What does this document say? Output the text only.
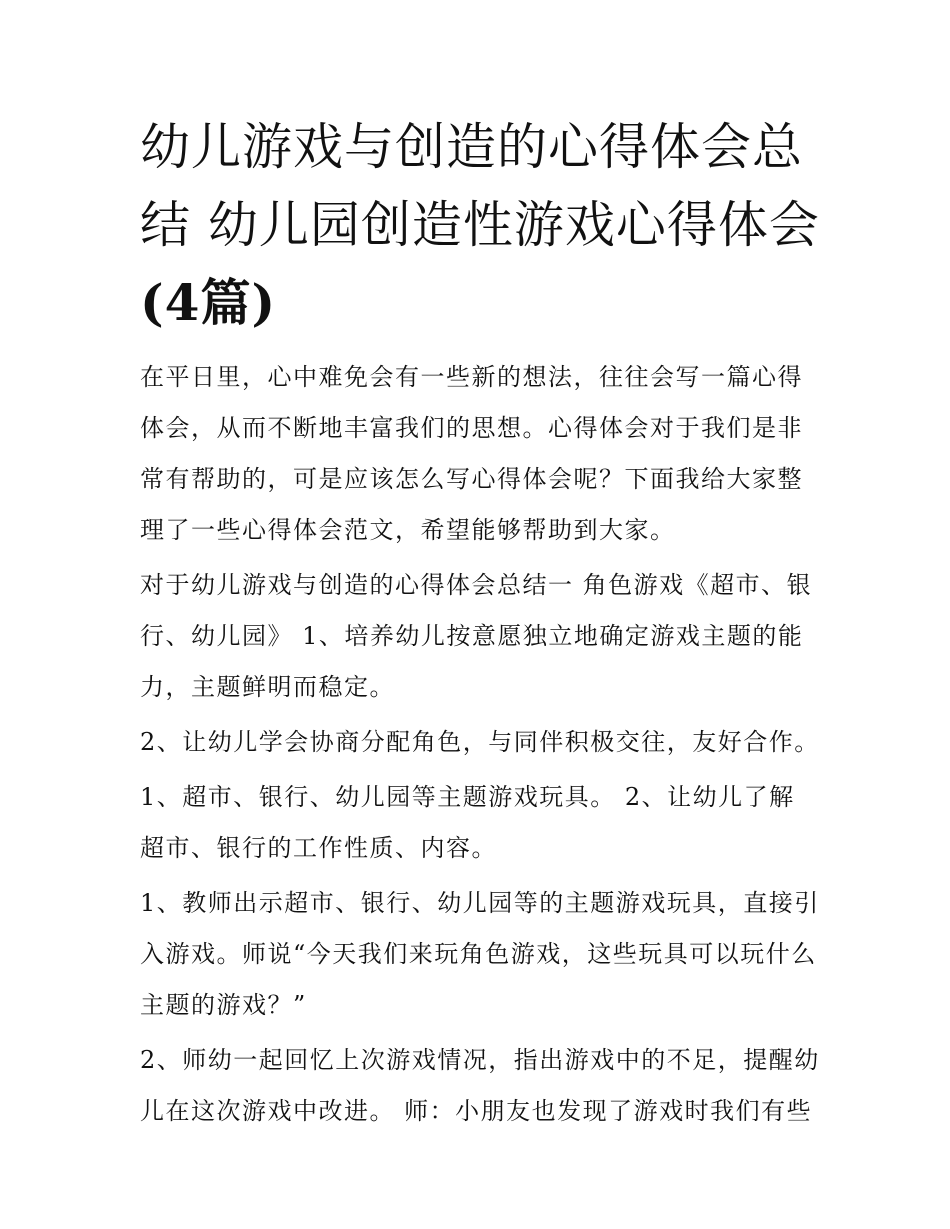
幼儿游戏与创造的心得体会总结 幼儿园创造性游戏心得体会
(4篇)

在平日里，心中难免会有一些新的想法，往往会写一篇心得体会，从而不断地丰富我们的思想。心得体会对于我们是非常有帮助的，可是应该怎么写心得体会呢？下面我给大家整理了一些心得体会范文，希望能够帮助到大家。

对于幼儿游戏与创造的心得体会总结一 角色游戏《超市、银行、幼儿园》 1、培养幼儿按意愿独立地确定游戏主题的能力，主题鲜明而稳定。

2、让幼儿学会协商分配角色，与同伴积极交往，友好合作。

1、超市、银行、幼儿园等主题游戏玩具。 2、让幼儿了解超市、银行的工作性质、内容。

1、教师出示超市、银行、幼儿园等的主题游戏玩具，直接引入游戏。师说“今天我们来玩角色游戏，这些玩具可以玩什么主题的游戏？”

2、师幼一起回忆上次游戏情况，指出游戏中的不足，提醒幼儿在这次游戏中改进。 师：小朋友也发现了游戏时我们有些
